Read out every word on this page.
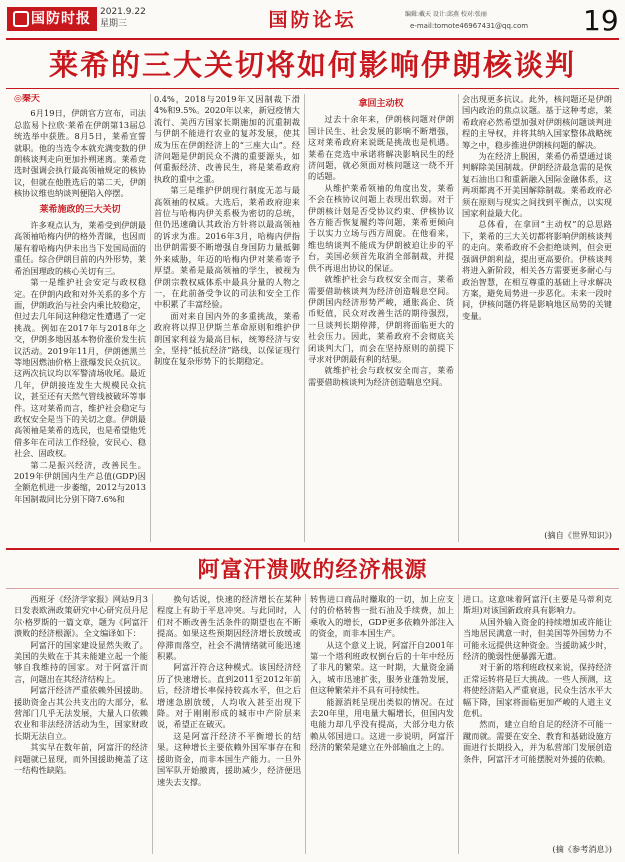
国防时报	2021.9.22
星期三	国防论坛	编辑:戴天 设计:邱燕 校对:张丽
e-mail:tomote46967431@qq.com 19
莱希的三大关切将如何影响伊朗核谈判

◎秦天

6月19日，伊朗官方宣布，司法总监易卜拉欣·莱希在伊朗第13届总统选举中获胜。8月5日，莱希宣誓就职。他的当选令本就充满变数的伊朗核谈判走向更加扑朔迷离。莱希竞选时强调会执行最高领袖规定的核协议，但就在他胜选后的第二天，伊朗核协议维也纳谈判便陷入停摆。

莱希施政的三大关切

许多观点认为，莱希受到伊朗最高领袖哈梅内伊的格外青睐，也因而屡有着哈梅内伊未出当下发国局面的重任。综合伊朗目前的内外形势，莱希治国理政的核心关切有三。

第一是维护社会安定与政权稳定。在伊朗内政和对外关系的多个方面，伊朗政治与社会内乘比较稳定，但过去几年间这种稳定性遭遇了一定挑战。例如在2017年与2018年之交，伊朗多地因基本物价涨价发生抗议活动。2019年11月，伊朗德黑兰等地因燃油价格上涨爆发民众抗议。这两次抗议均以军警清场收尾。最近几年，伊朗接连发生大规模民众抗议，甚至还有天然气管线被破坏等事件。这对莱希而言，维护社会稳定与政权安全是当下的关切之意。伊朗最高领袖是莱希的选民，也是希望他凭借多年在司法工作经验，安民心、稳社会、固政权。

第二是振兴经济，改善民生。2019年伊朗国内生产总值(GDP)因全额危机进一步萎缩，2012与2013年国制裁同比分别下降7.6%和

0.4%，2018与2019年又因制裁下滑4%和9.5%。2020年以来，新冠疫情大流行、美西方国家长期施加的沉重制裁与伊朗不能进行农业的复苏发展，使其成为压在伊朗经济上的“三座大山”。经济问题是伊朗民众不满的重要源头，如何重振经济、改善民生，将是莱希政府执政的重中之重。

第三是维护伊朗现行制度无恙与最高领袖的权威。大选后，莱希政府迎来首位与哈梅内伊关系极为密切的总统，但仍迅速确认其政治方针将以最高领袖的诉求为准。2016年3月，哈梅内伊指出伊朗需要不断增强自身国防力量抵御外来威胁，年迈的哈梅内伊对莱希寄予厚望。莱希是最高领袖的学生，被视为伊朗宗教权威体系中最具分量的人物之一，在此前备受争议的司法和安全工作中积累了丰富经验。

面对来自国内外的多重挑战，莱希政府将以捍卫伊斯兰革命原则和维护伊朗国家利益为最高目标，统筹经济与安全，坚持“抵抗经济”路线，以保证现行制度在复杂形势下的长期稳定。

拿回主动权

过去十余年来，伊朗核问题对伊朗国计民生、社会发展的影响不断增强，这对莱希政府来说既是挑战也是机遇。莱希在竞选中承诺将解决影响民生的经济问题，就必须面对核问题这一绕不开的话题。

从维护莱希领袖的角度出发，莱希不会在核协议问题上表现出软弱。对于伊朗核计划是否受协议约束、伊核协议各方能否恢复履约等问题，莱希更倾向于以实力立场与西方周旋。在他看来，维也纳谈判不能成为伊朗被迫让步的平台，美国必须首先取消全部制裁，并提供不再退出协议的保证。

就维护社会与政权安全而言，莱希需要借助核谈判为经济创造喘息空间。伊朗国内经济形势严峻，通胀高企、货币贬值，民众对改善生活的期待强烈，一旦谈判长期停滞，伊朗将面临更大的社会压力。因此，莱希政府不会彻底关闭谈判大门，而会在坚持原则的前提下寻求对伊朗最有利的结果。

就维护社会与政权安全而言，莱希需要借助核谈判为经济创造喘息空间。

会出现更多抗议。此外，核问题还是伊朗国内政治的焦点议题。基于这种考虑，莱希政府必然希望加强对伊朗核问题谈判进程的主导权，并将其纳入国家整体战略统筹之中，稳步推进伊朗核问题的解决。

为在经济上脱困，莱希仍希望通过谈判解除美国制裁。伊朗经济最急需的是恢复石油出口和重新融入国际金融体系，这两项都离不开美国解除制裁。莱希政府必须在原则与现实之间找到平衡点，以实现国家利益最大化。

总体看，在拿回“主动权”的总思路下，莱希的三大关切都将影响伊朗核谈判的走向。莱希政府不会拒绝谈判，但会更强调伊朗利益，提出更高要价。伊核谈判将进入新阶段，相关各方需要更多耐心与政治智慧，在相互尊重的基础上寻求解决方案，避免局势进一步恶化。未来一段时间，伊核问题仍将是影响地区局势的关键变量。

(摘自《世界知识》)

阿富汗溃败的经济根源

西班牙《经济学家报》网站9月3日发表欧洲政策研究中心研究员丹尼尔·格罗斯的一篇文章，题为《阿富汗溃败的经济根源》。全文编译如下：

阿富汗的国家建设显然失败了。美国的失败在于其未能建立起一个能够自我维持的国家。对于阿富汗而言，问题出在其经济结构上。

阿富汗经济严重依赖外国援助。援助资金占其公共支出的大部分，私营部门几乎无法发展，大量人口依赖农业和非法经济活动为生，国家财政长期无法自立。

其实早在数年前，阿富汗的经济问题就已显现，而外国援助掩盖了这一结构性缺陷。

换句话说，快速的经济增长在某种程度上有助于平息冲突。与此同时，人们对不断改善生活条件的期望也在不断提高。如果这些预期因经济增长放缓或停滞而落空，社会不满情绪就可能迅速积累。

阿富汗符合这种模式。该国经济经历了快速增长。直到2011至2012年前后，经济增长率保持较高水平，但之后增速急剧放缓，人均收入甚至出现下降。对于刚刚形成的城市中产阶层来说，希望正在破灭。

这是阿富汗经济不平衡增长的结果。这种增长主要依赖外国军事存在和援助资金，而非本国生产能力。一旦外国军队开始撤离，援助减少，经济便迅速失去支撑。

转售进口商品时赚取的一切，加上应支付的价格转售一批石油及手续费，加上乘收入的增长，GDP更多依赖外部注入的资金，而非本国生产。

从这个意义上说，阿富汗自2001年第一个塔利班政权倒台后的十年中经历了非凡的繁荣。这一时期，大量资金涌入，城市迅速扩张，服务业蓬勃发展，但这种繁荣并不具有可持续性。

能源消耗呈现出类似的情况。在过去20年里，用电量大幅增长，但国内发电能力却几乎没有提高，大部分电力依赖从邻国进口。这进一步说明，阿富汗经济的繁荣是建立在外部输血之上的。

进口。这意味着阿富汗(主要是马蒂利克斯坦)对该国新政府具有影响力。

从国外输入资金的持续增加或许能让当地居民满意一时，但美国等外国势力不可能永远提供这种资金。当援助减少时，经济的脆弱性便暴露无遗。

对于新的塔利班政权来说，保持经济正常运转将是巨大挑战。一些人预测，这将使经济陷入严重衰退，民众生活水平大幅下降，国家将面临更加严峻的人道主义危机。

然而，建立自给自足的经济不可能一蹴而就。需要在安全、教育和基础设施方面进行长期投入，并为私营部门发展创造条件，阿富汗才可能摆脱对外援的依赖。

(摘《参考消息》)
